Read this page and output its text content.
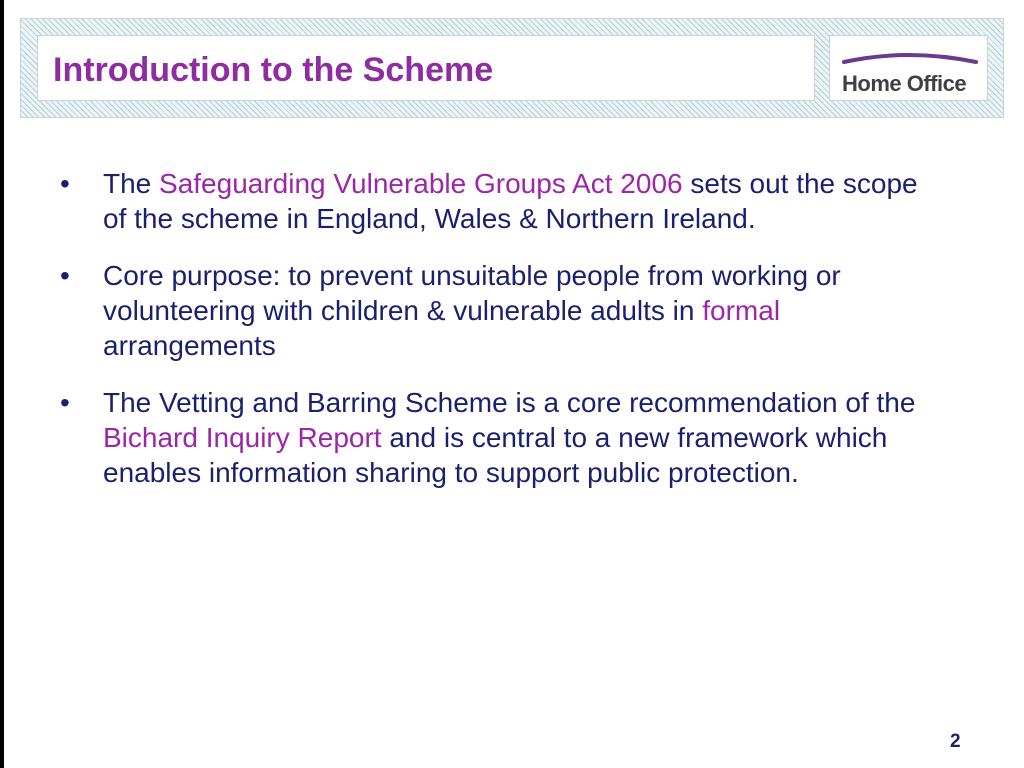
Introduction to the Scheme	Home Office
•	The Safeguarding Vulnerable Groups Act 2006 sets out the scope of the scheme in England, Wales & Northern Ireland.
•	Core purpose: to prevent unsuitable people from working or volunteering with children & vulnerable adults in formal arrangements
•	The Vetting and Barring Scheme is a core recommendation of the Bichard Inquiry Report and is central to a new framework which enables information sharing to support public protection.
2
